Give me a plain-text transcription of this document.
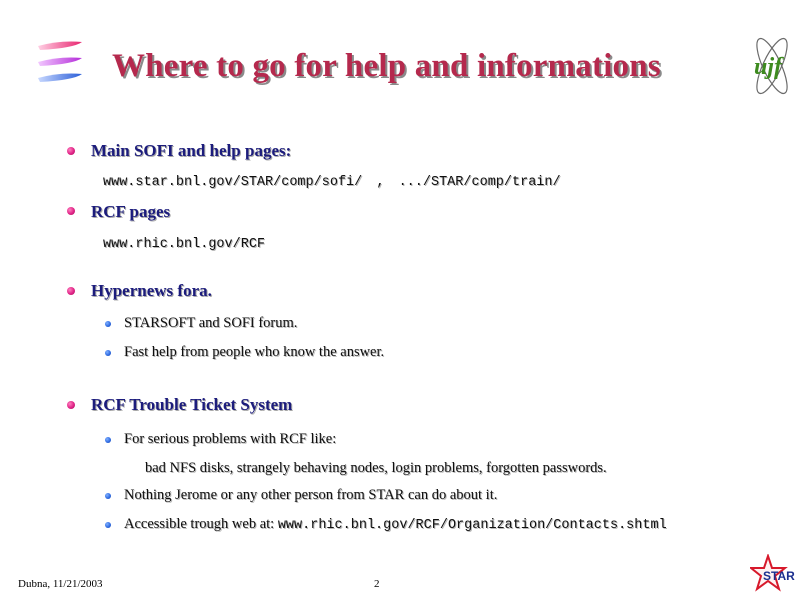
Where to go for help and informations	ujf
Main SOFI and help pages:
www.star.bnl.gov/STAR/comp/sofi/ , .../STAR/comp/train/
RCF pages
www.rhic.bnl.gov/RCF
Hypernews fora.
STARSOFT and SOFI forum.
Fast help from people who know the answer.
RCF Trouble Ticket System
For serious problems with RCF like:
bad NFS disks, strangely behaving nodes, login problems, forgotten passwords.
Nothing Jerome or any other person from STAR can do about it.
Accessible trough web at: www.rhic.bnl.gov/RCF/Organization/Contacts.shtml
Dubna, 11/21/2003	2
STAR
